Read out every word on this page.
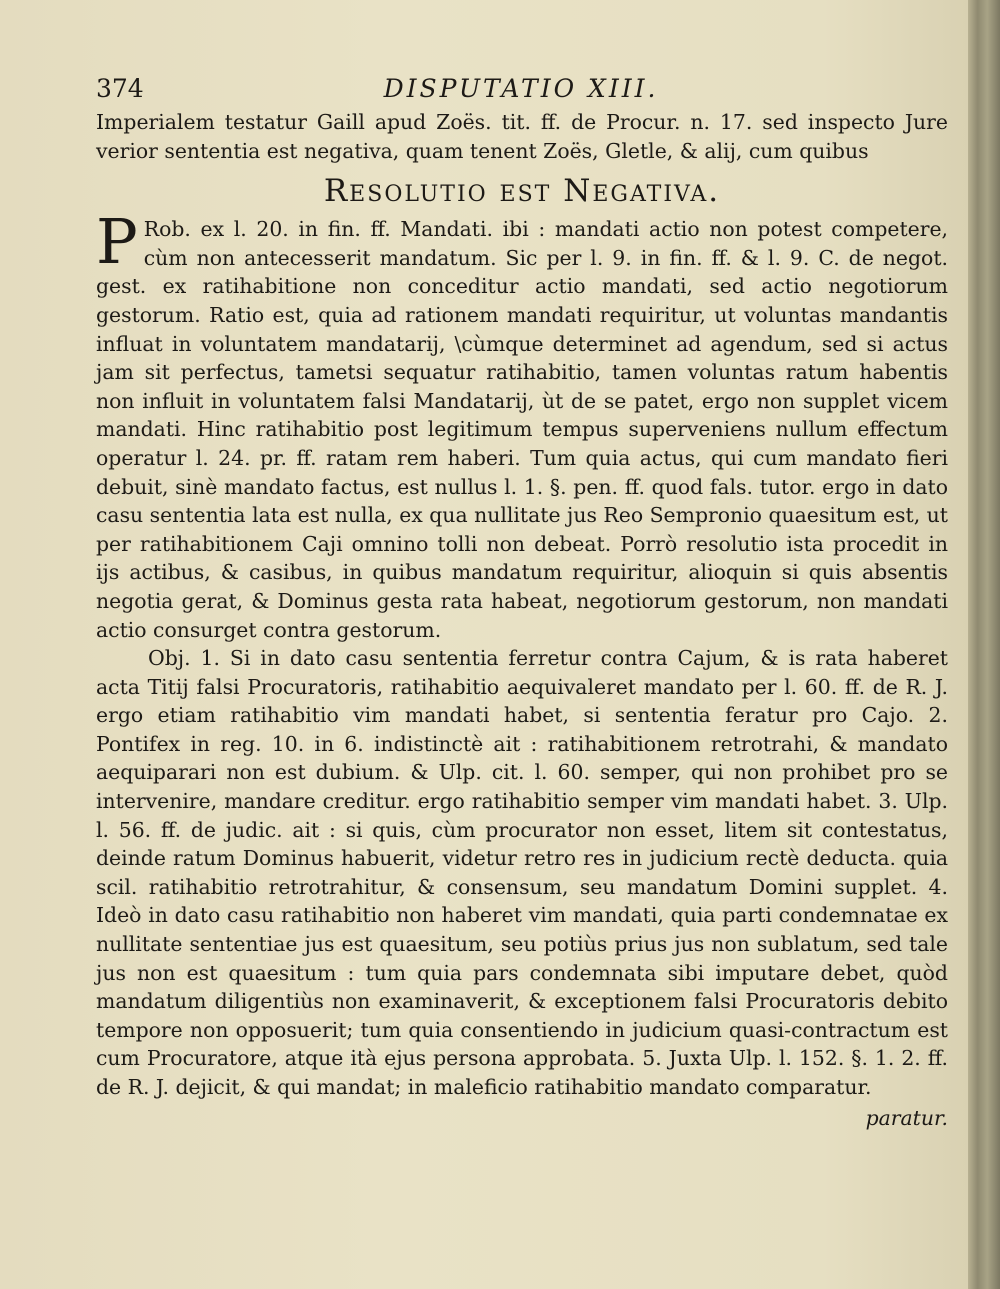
374	DISPUTATIO XIII.

Imperialem testatur Gaill apud Zoës. tit. ff. de Procur. n. 17. sed inspecto Jure verior sententia est negativa, quam tenent Zoës, Gletle, & alij, cum quibus

Resolutio est Negativa.

P Rob. ex l. 20. in fin. ff. Mandati. ibi : mandati actio non potest competere, cùm non antecesserit mandatum. Sic per l. 9. in fin. ff. & l. 9. C. de negot. gest. ex ratihabitione non conceditur actio mandati, sed actio negotiorum gestorum. Ratio est, quia ad rationem mandati requiritur, ut voluntas mandantis influat in voluntatem mandatarij, \cùmque determinet ad agendum, sed si actus jam sit perfectus, tametsi sequatur ratihabitio, tamen voluntas ratum habentis non influit in voluntatem falsi Mandatarij, ùt de se patet, ergo non supplet vicem mandati. Hinc ratihabitio post legitimum tempus superveniens nullum effectum operatur l. 24. pr. ff. ratam rem haberi. Tum quia actus, qui cum mandato fieri debuit, sinè mandato factus, est nullus l. 1. §. pen. ff. quod fals. tutor. ergo in dato casu sententia lata est nulla, ex qua nullitate jus Reo Sempronio quaesitum est, ut per ratihabitionem Caji omnino tolli non debeat. Porrò resolutio ista procedit in ijs actibus, & casibus, in quibus mandatum requiritur, alioquin si quis absentis negotia gerat, & Dominus gesta rata habeat, negotiorum gestorum, non mandati actio consurget contra gestorum.

Obj. 1. Si in dato casu sententia ferretur contra Cajum, & is rata haberet acta Titij falsi Procuratoris, ratihabitio aequivaleret mandato per l. 60. ff. de R. J. ergo etiam ratihabitio vim mandati habet, si sententia feratur pro Cajo. 2. Pontifex in reg. 10. in 6. indistinctè ait : ratihabitionem retrotrahi, & mandato aequiparari non est dubium. & Ulp. cit. l. 60. semper, qui non prohibet pro se intervenire, mandare creditur. ergo ratihabitio semper vim mandati habet. 3. Ulp. l. 56. ff. de judic. ait : si quis, cùm procurator non esset, litem sit contestatus, deinde ratum Dominus habuerit, videtur retro res in judicium rectè deducta. quia scil. ratihabitio retrotrahitur, & consensum, seu mandatum Domini supplet. 4. Ideò in dato casu ratihabitio non haberet vim mandati, quia parti condemnatae ex nullitate sententiae jus est quaesitum, seu potiùs prius jus non sublatum, sed tale jus non est quaesitum : tum quia pars condemnata sibi imputare debet, quòd mandatum diligentiùs non examinaverit, & exceptionem falsi Procuratoris debito tempore non opposuerit; tum quia consentiendo in judicium quasi-contractum est cum Procuratore, atque ità ejus persona approbata. 5. Juxta Ulp. l. 152. §. 1. 2. ff. de R. J. dejicit, & qui mandat; in maleficio ratihabitio mandato comparatur.

paratur.
